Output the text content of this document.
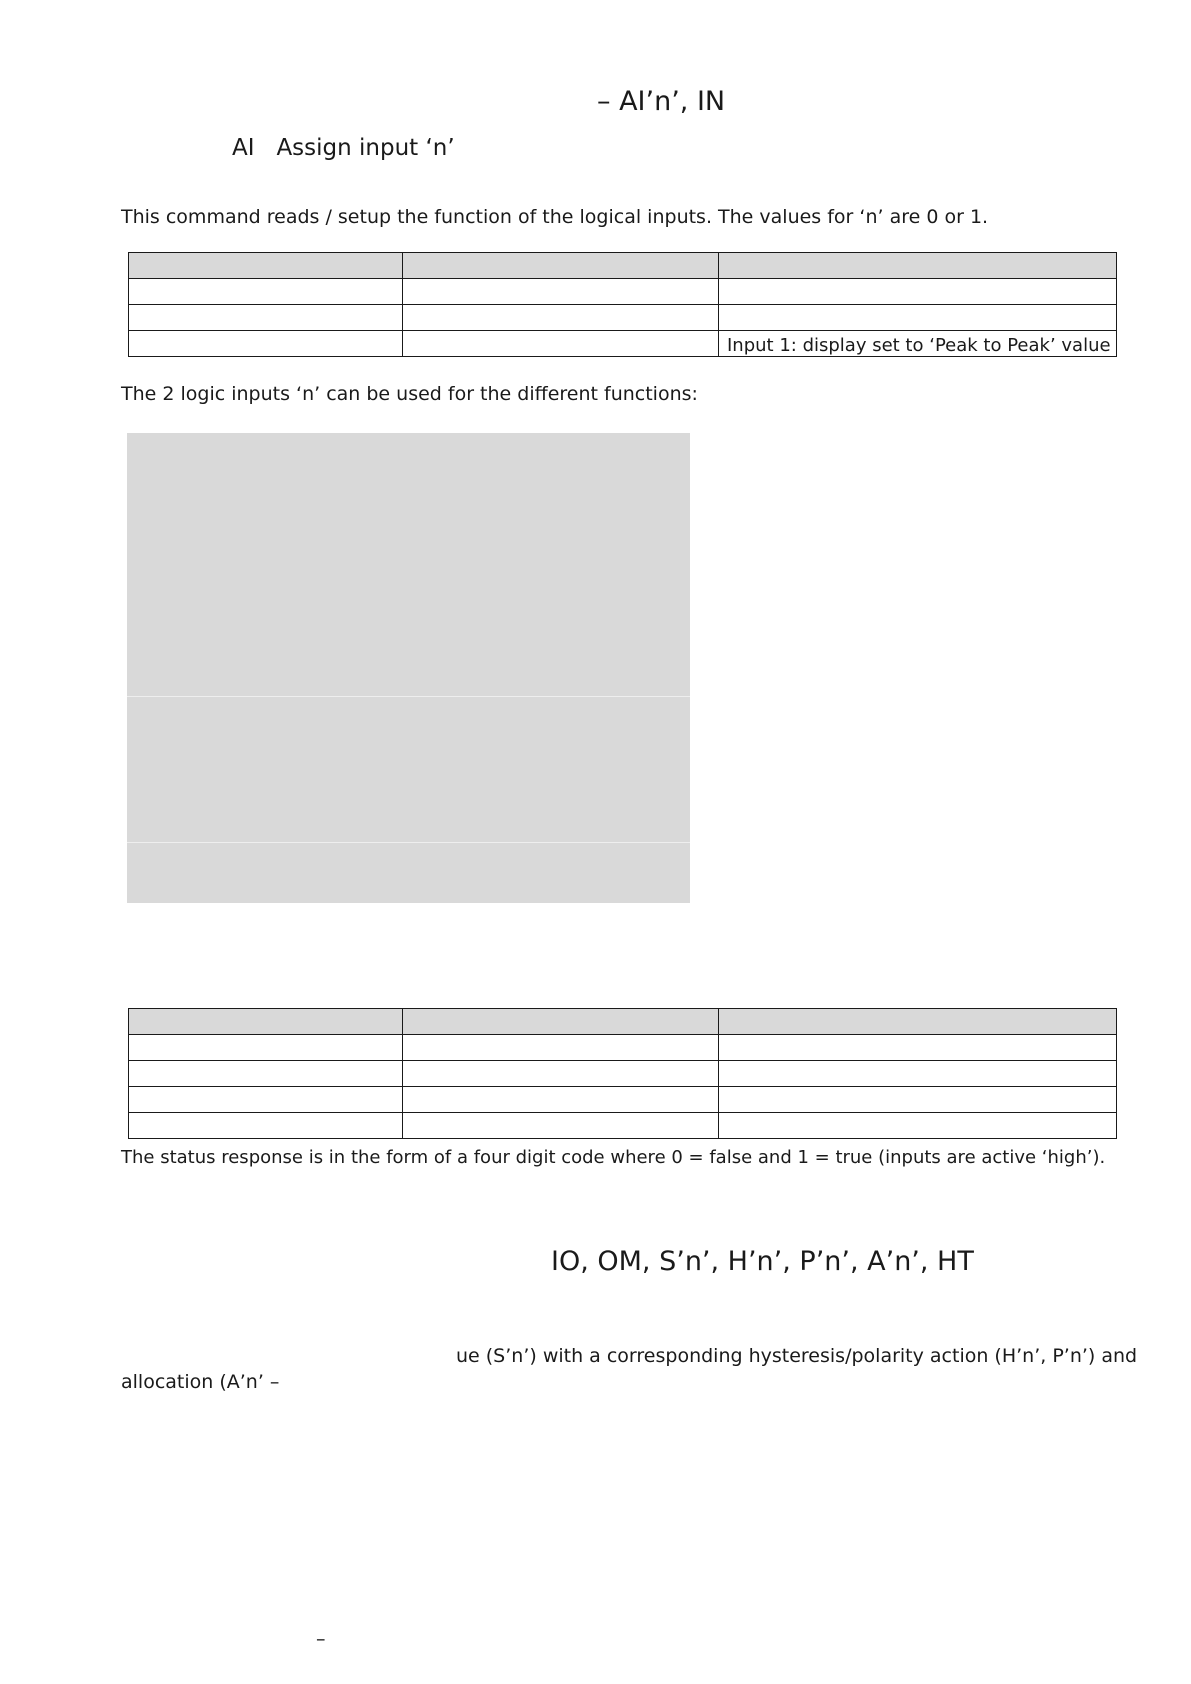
– AI’n’, IN
AI   Assign input ‘n’
This command reads / setup the function of the logical inputs. The values for ‘n’ are 0 or 1.

		Input 1: display set to ‘Peak to Peak’ value
The 2 logic inputs ‘n’ can be used for the different functions:

The status response is in the form of a four digit code where 0 = false and 1 = true (inputs are active ‘high’).
IO, OM, S’n’, H’n’, P’n’, A’n’, HT
ue (S’n’) with a corresponding hysteresis/polarity action (H’n’, P’n’) and
allocation (A’n’ –
–
